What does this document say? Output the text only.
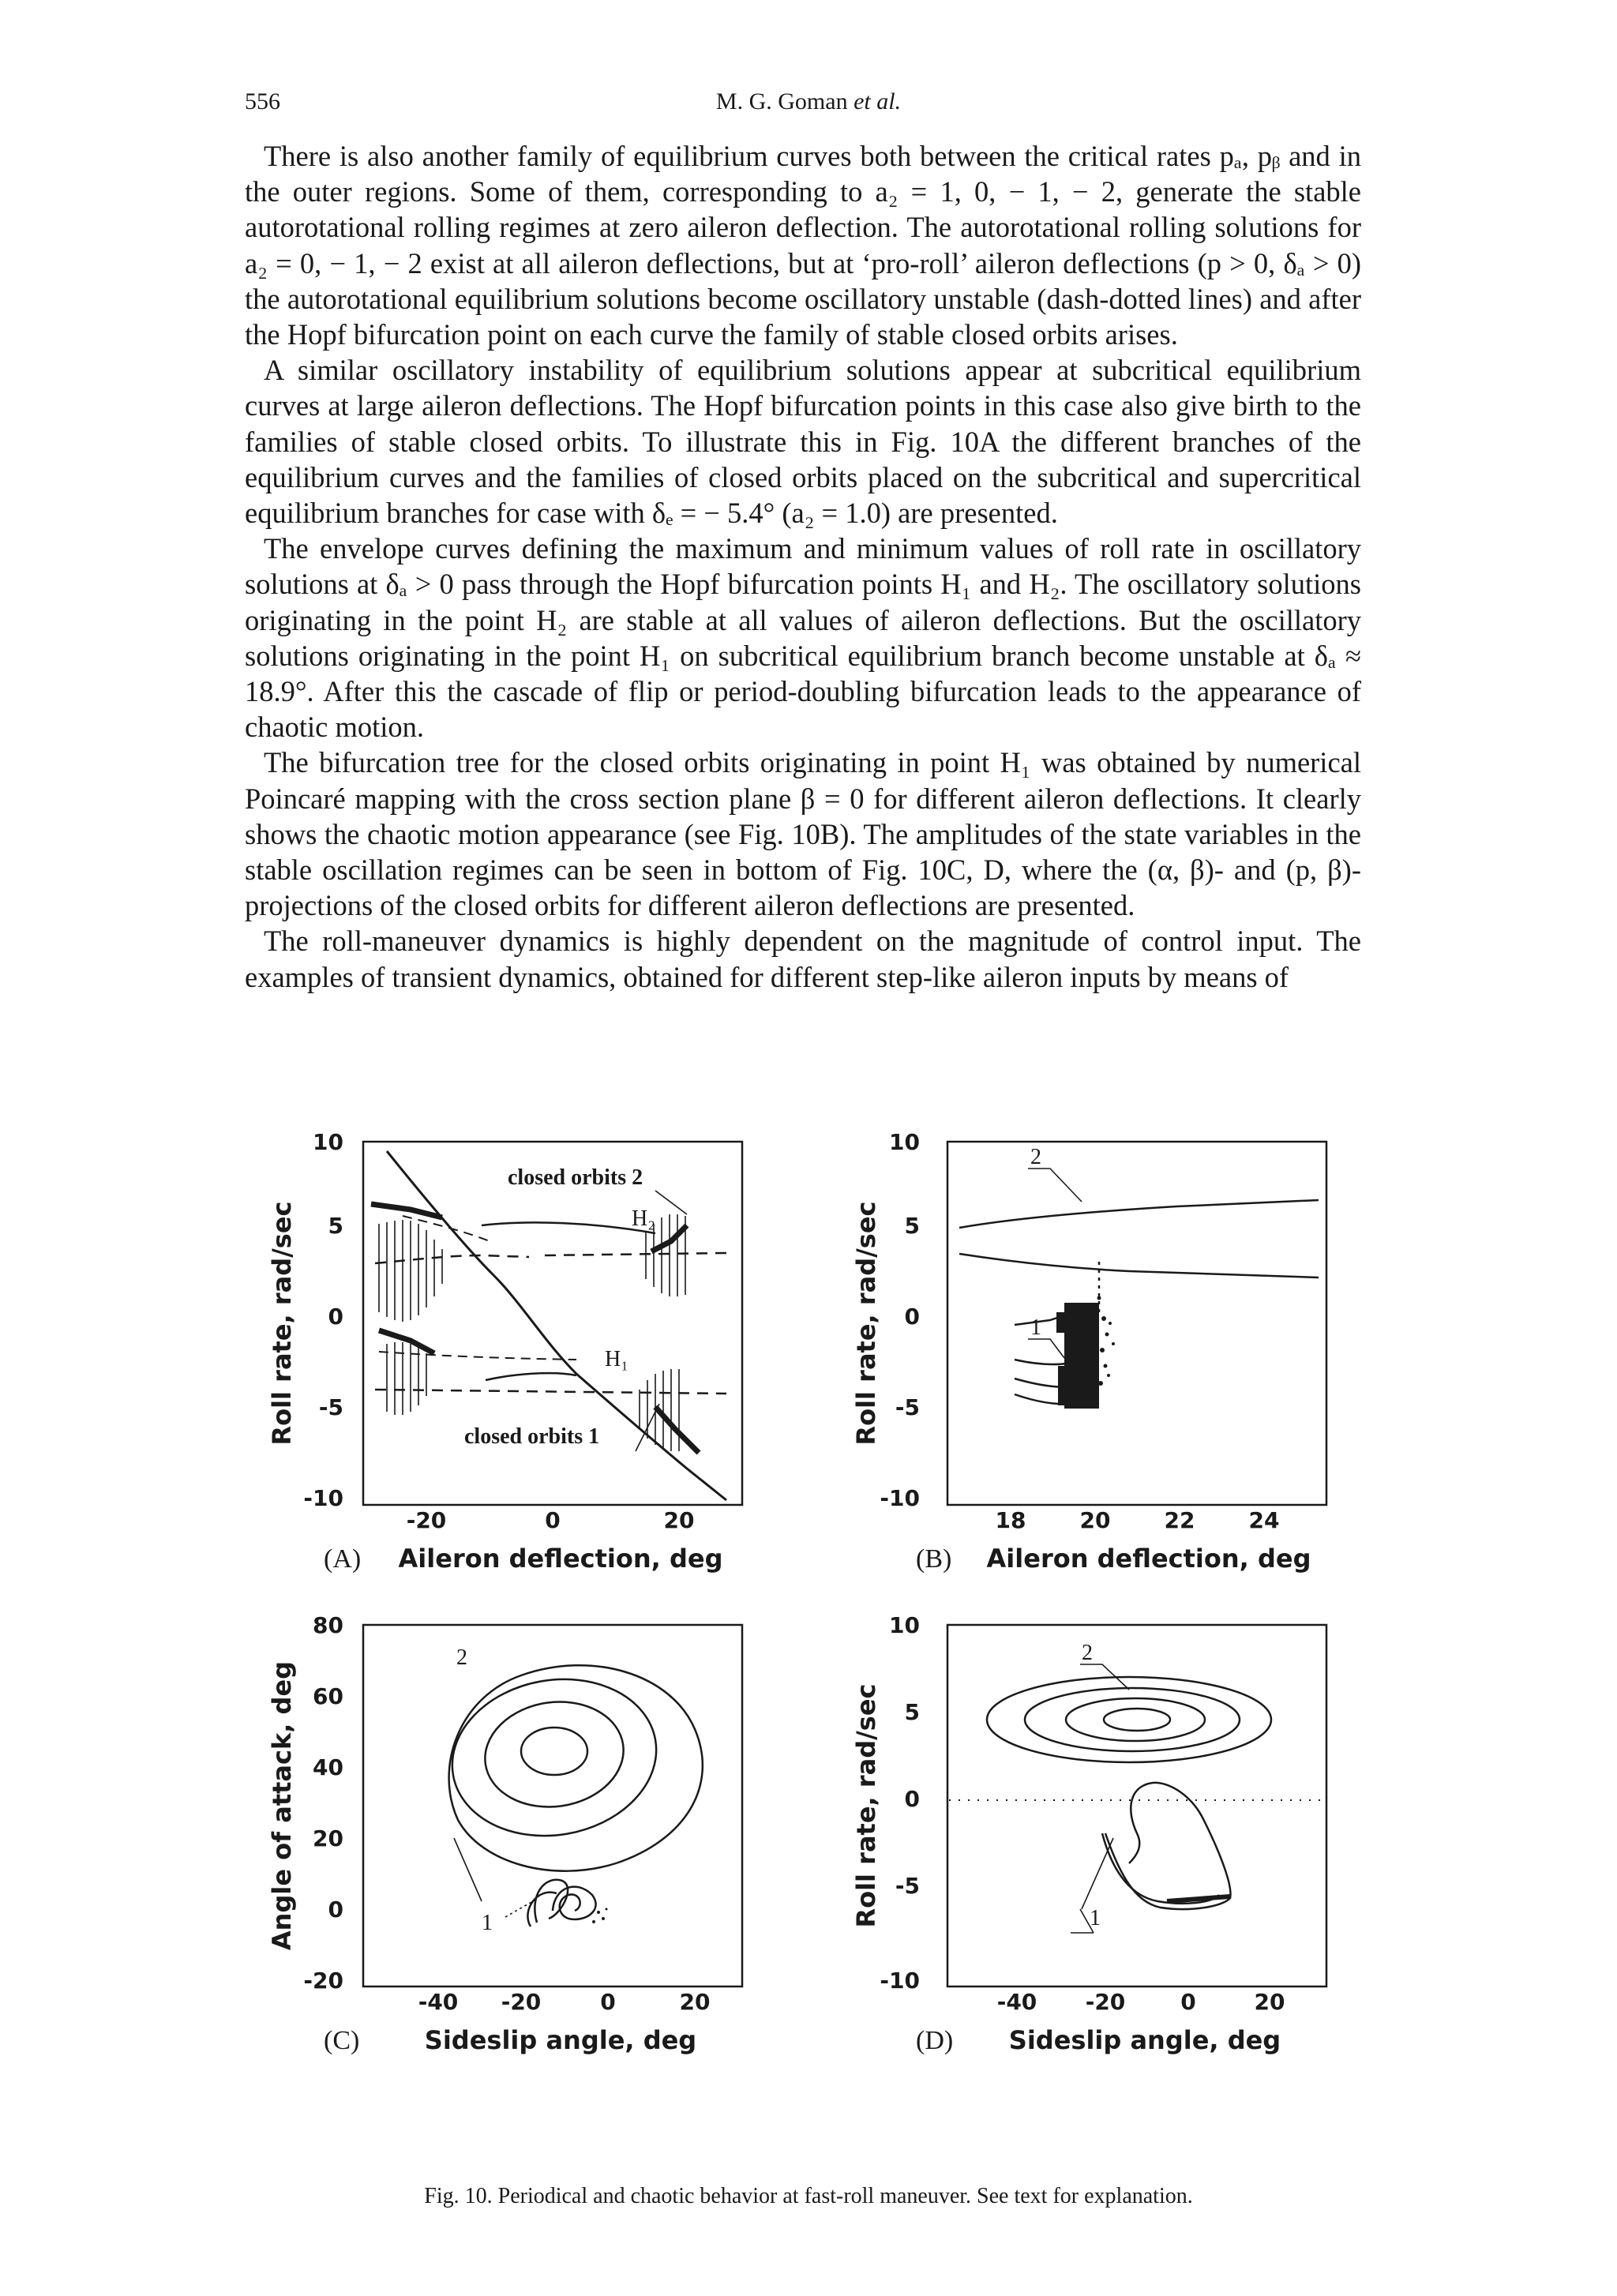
556	M. G. Goman et al.

There is also another family of equilibrium curves both between the critical rates pₐ, pᵦ and in the outer regions. Some of them, corresponding to a₂ = 1, 0, − 1, − 2, generate the stable autorotational rolling regimes at zero aileron deflection. The autorotational rolling solutions for a₂ = 0, − 1, − 2 exist at all aileron deflections, but at ‘pro-roll’ aileron deflections (p > 0, δₐ > 0) the autorotational equilibrium solutions become oscillatory unstable (dash-dotted lines) and after the Hopf bifurcation point on each curve the family of stable closed orbits arises.

A similar oscillatory instability of equilibrium solutions appear at subcritical equilibrium curves at large aileron deflections. The Hopf bifurcation points in this case also give birth to the families of stable closed orbits. To illustrate this in Fig. 10A the different branches of the equilibrium curves and the families of closed orbits placed on the subcritical and supercritical equilibrium branches for case with δₑ = − 5.4° (a₂ = 1.0) are presented.

The envelope curves defining the maximum and minimum values of roll rate in oscillatory solutions at δₐ > 0 pass through the Hopf bifurcation points H₁ and H₂. The oscillatory solutions originating in the point H₂ are stable at all values of aileron deflections. But the oscillatory solutions originating in the point H₁ on subcritical equilibrium branch become unstable at δₐ ≈ 18.9°. After this the cascade of flip or period-doubling bifurcation leads to the appearance of chaotic motion.

The bifurcation tree for the closed orbits originating in point H₁ was obtained by numerical Poincaré mapping with the cross section plane β = 0 for different aileron deflections. It clearly shows the chaotic motion appearance (see Fig. 10B). The amplitudes of the state variables in the stable oscillation regimes can be seen in bottom of Fig. 10C, D, where the (α, β)- and (p, β)-projections of the closed orbits for different aileron deflections are presented.

The roll-maneuver dynamics is highly dependent on the magnitude of control input. The examples of transient dynamics, obtained for different step-like aileron inputs by means of

10
5
0
-5
-10
-20	0	20
Roll rate, rad/sec
(A) Aileron deflection, deg
closed orbits 2
H₂
H₁
closed orbits 1
10
5
0
-5
-10
18 20 22 24
Roll rate, rad/sec
(B) Aileron deflection, deg
2
1
80
60
40
20
0
-20
-40 -20	0	20
Angle of attack, deg
(C)	Sideslip angle, deg
2
1
10
5
0
-5
-10
-40 -20 0	20
Roll rate, rad/sec
(D) Sideslip angle, deg
2
1
Fig. 10. Periodical and chaotic behavior at fast-roll maneuver. See text for explanation.
